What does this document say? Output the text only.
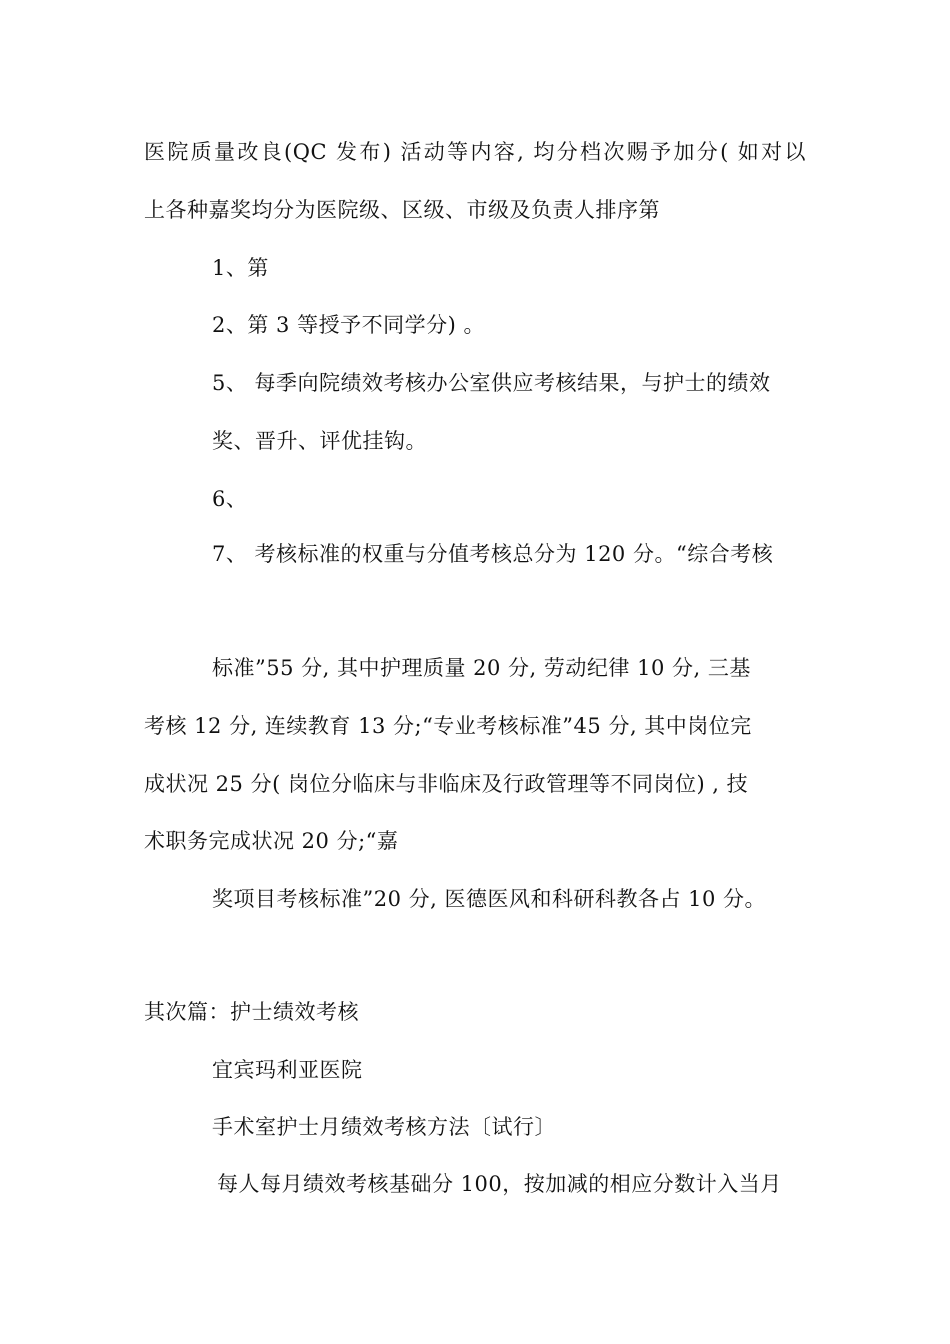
医院质量改良(QC 发布) 活动等内容, 均分档次赐予加分( 如对以
上各种嘉奖均分为医院级、区级、市级及负责人排序第
1、第
2、第 3 等授予不同学分) 。
5、 每季向院绩效考核办公室供应考核结果，与护士的绩效
奖、晋升、评优挂钩。
6、
7、 考核标准的权重与分值考核总分为 120 分。“综合考核
标准”55 分, 其中护理质量 20 分, 劳动纪律 10 分, 三基
考核 12 分, 连续教育 13 分;“专业考核标准”45 分, 其中岗位完
成状况 25 分( 岗位分临床与非临床及行政管理等不同岗位) , 技
术职务完成状况 20 分;“嘉
奖项目考核标准”20 分, 医德医风和科研科教各占 10 分。
其次篇：护士绩效考核
宜宾玛利亚医院
手术室护士月绩效考核方法〔试行〕
每人每月绩效考核基础分 100，按加减的相应分数计入当月
